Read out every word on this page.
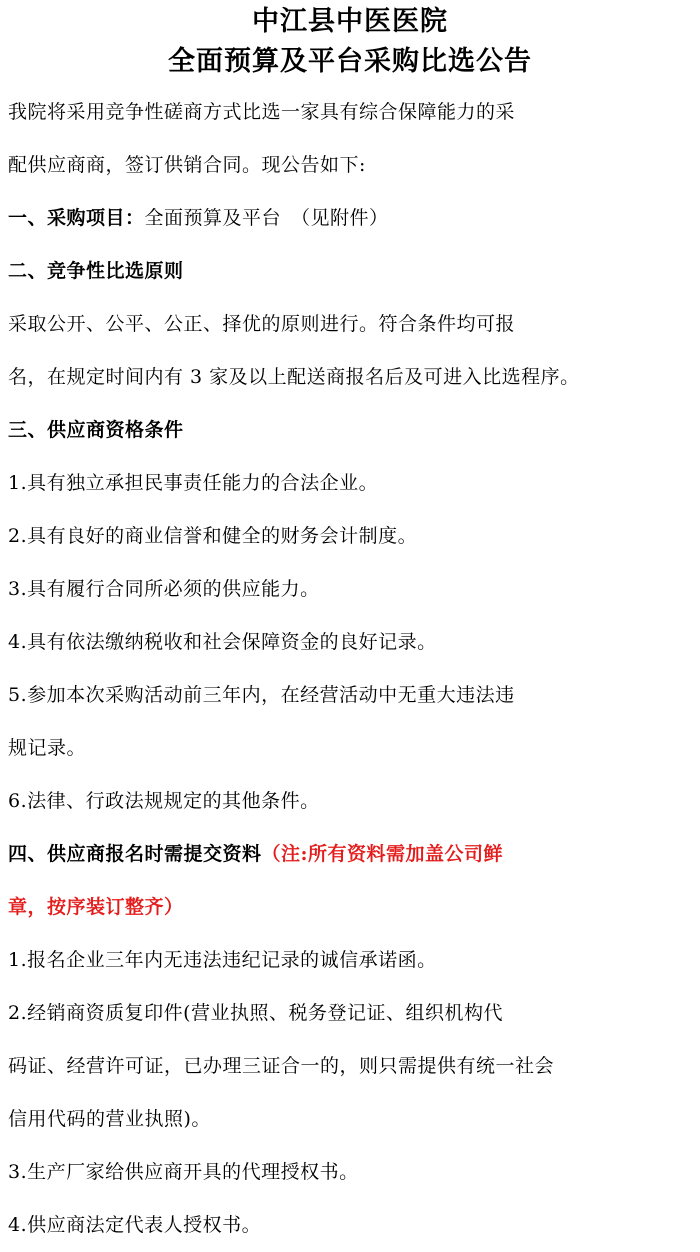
中江县中医医院
全面预算及平台采购比选公告

我院将采用竞争性磋商方式比选一家具有综合保障能力的采

配供应商商，签订供销合同。现公告如下:

一、采购项目：全面预算及平台　（见附件）

二、竞争性比选原则

采取公开、公平、公正、择优的原则进行。符合条件均可报

名，在规定时间内有 3 家及以上配送商报名后及可进入比选程序。

三、供应商资格条件

1.具有独立承担民事责任能力的合法企业。

2.具有良好的商业信誉和健全的财务会计制度。

3.具有履行合同所必须的供应能力。

4.具有依法缴纳税收和社会保障资金的良好记录。

5.参加本次采购活动前三年内，在经营活动中无重大违法违

规记录。

6.法律、行政法规规定的其他条件。

四、供应商报名时需提交资料（注:所有资料需加盖公司鲜

章，按序装订整齐）

1.报名企业三年内无违法违纪记录的诚信承诺函。

2.经销商资质复印件(营业执照、税务登记证、组织机构代

码证、经营许可证，已办理三证合一的，则只需提供有统一社会

信用代码的营业执照)。

3.生产厂家给供应商开具的代理授权书。

4.供应商法定代表人授权书。
